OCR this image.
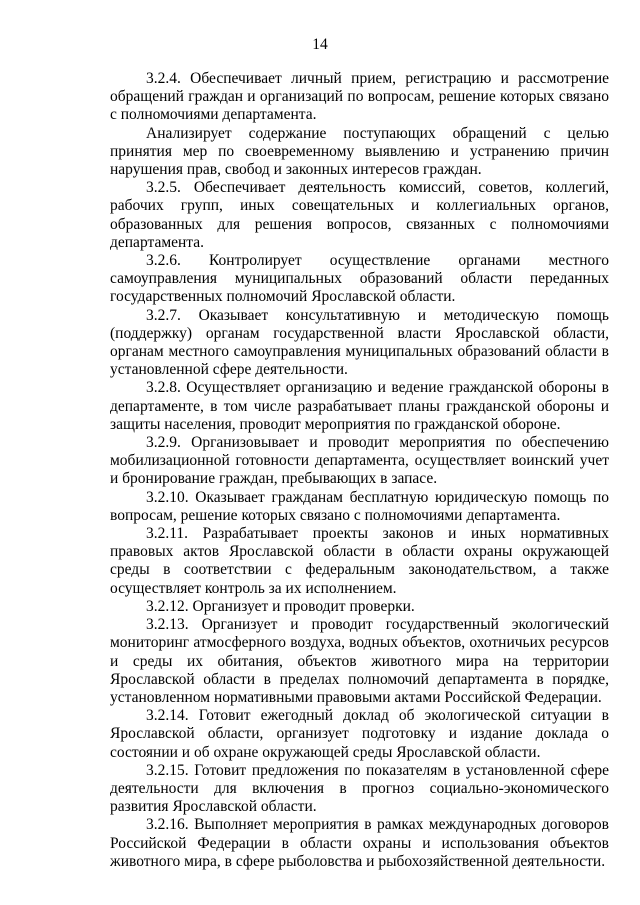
14

3.2.4. Обеспечивает личный прием, регистрацию и рассмотрение обращений граждан и организаций по вопросам, решение которых связано с полномочиями департамента.

Анализирует содержание поступающих обращений с целью принятия мер по своевременному выявлению и устранению причин нарушения прав, свобод и законных интересов граждан.

3.2.5. Обеспечивает деятельность комиссий, советов, коллегий, рабочих групп, иных совещательных и коллегиальных органов, образованных для решения вопросов, связанных с полномочиями департамента.

3.2.6. Контролирует осуществление органами местного самоуправления муниципальных образований области переданных государственных полномочий Ярославской области.

3.2.7. Оказывает консультативную и методическую помощь (поддержку) органам государственной власти Ярославской области, органам местного самоуправления муниципальных образований области в установленной сфере деятельности.

3.2.8. Осуществляет организацию и ведение гражданской обороны в департаменте, в том числе разрабатывает планы гражданской обороны и защиты населения, проводит мероприятия по гражданской обороне.

3.2.9. Организовывает и проводит мероприятия по обеспечению мобилизационной готовности департамента, осуществляет воинский учет и бронирование граждан, пребывающих в запасе.

3.2.10. Оказывает гражданам бесплатную юридическую помощь по вопросам, решение которых связано с полномочиями департамента.

3.2.11. Разрабатывает проекты законов и иных нормативных правовых актов Ярославской области в области охраны окружающей среды в соответствии с федеральным законодательством, а также осуществляет контроль за их исполнением.

3.2.12. Организует и проводит проверки.

3.2.13. Организует и проводит государственный экологический мониторинг атмосферного воздуха, водных объектов, охотничьих ресурсов и среды их обитания, объектов животного мира на территории Ярославской области в пределах полномочий департамента в порядке, установленном нормативными правовыми актами Российской Федерации.

3.2.14. Готовит ежегодный доклад об экологической ситуации в Ярославской области, организует подготовку и издание доклада о состоянии и об охране окружающей среды Ярославской области.

3.2.15. Готовит предложения по показателям в установленной сфере деятельности для включения в прогноз социально-экономического развития Ярославской области.

3.2.16. Выполняет мероприятия в рамках международных договоров Российской Федерации в области охраны и использования объектов животного мира, в сфере рыболовства и рыбохозяйственной деятельности.
